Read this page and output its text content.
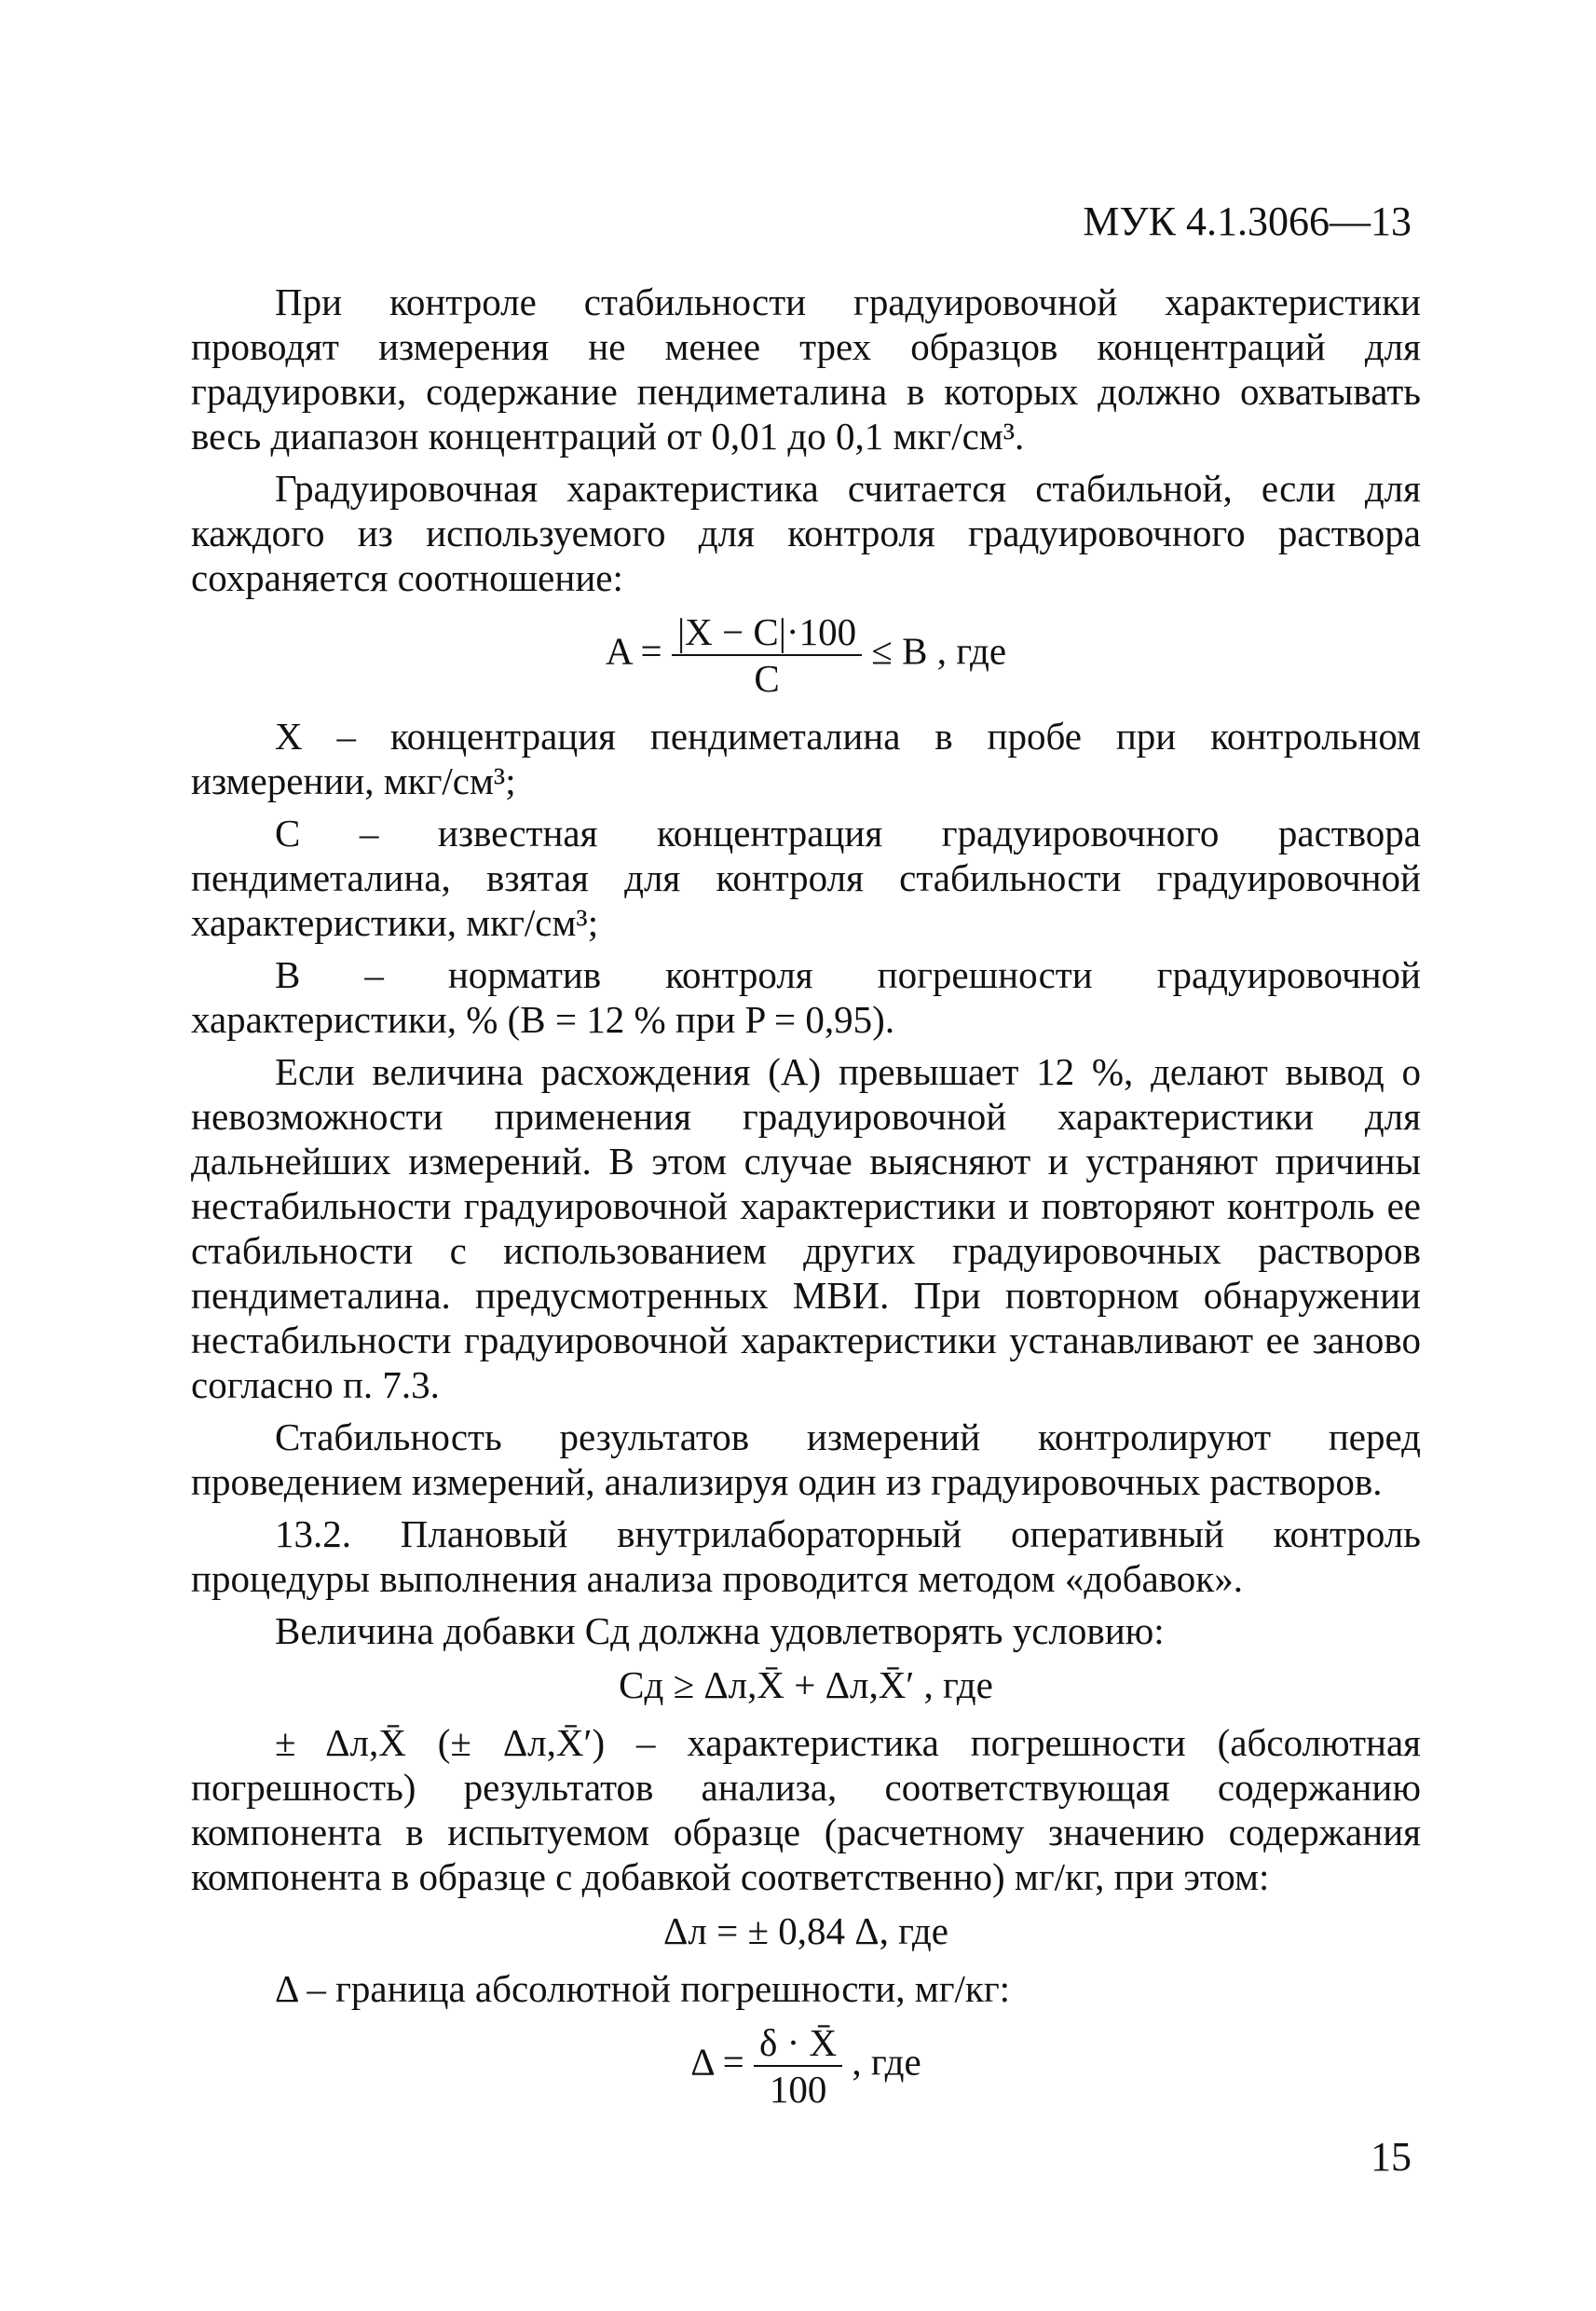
МУК 4.1.3066—13

При контроле стабильности градуировочной характеристики проводят измерения не менее трех образцов концентраций для градуировки, содержание пендиметалина в которых должно охватывать весь диапазон концентраций от 0,01 до 0,1 мкг/см³.

Градуировочная характеристика считается стабильной, если для каждого из используемого для контроля градуировочного раствора сохраняется соотношение:

$A = \frac{|X - C|\cdot 100}{C} \le B$ , где

X – концентрация пендиметалина в пробе при контрольном измерении, мкг/см³;

C – известная концентрация градуировочного раствора пендиметалина, взятая для контроля стабильности градуировочной характеристики, мкг/см³;

B – норматив контроля погрешности градуировочной характеристики, % (B = 12 % при P = 0,95).

Если величина расхождения (A) превышает 12 %, делают вывод о невозможности применения градуировочной характеристики для дальнейших измерений. В этом случае выясняют и устраняют причины нестабильности градуировочной характеристики и повторяют контроль ее стабильности с использованием других градуировочных растворов пендиметалина. предусмотренных МВИ. При повторном обнаружении нестабильности градуировочной характеристики устанавливают ее заново согласно п. 7.3.

Стабильность результатов измерений контролируют перед проведением измерений, анализируя один из градуировочных растворов.

13.2. Плановый внутрилабораторный оперативный контроль процедуры выполнения анализа проводится методом «добавок».

Величина добавки Cд должна удовлетворять условию:

Cд ≥ Δл,X̄ + Δл,X̄′ , где

± Δл,X̄ (± Δл,X̄′) – характеристика погрешности (абсолютная погрешность) результатов анализа, соответствующая содержанию компонента в испытуемом образце (расчетному значению содержания компонента в образце с добавкой соответственно) мг/кг, при этом:

Δл = ± 0,84 Δ, где

Δ – граница абсолютной погрешности, мг/кг:

$\Delta = \frac{\delta \cdot X̄}{100}$ , где
15
